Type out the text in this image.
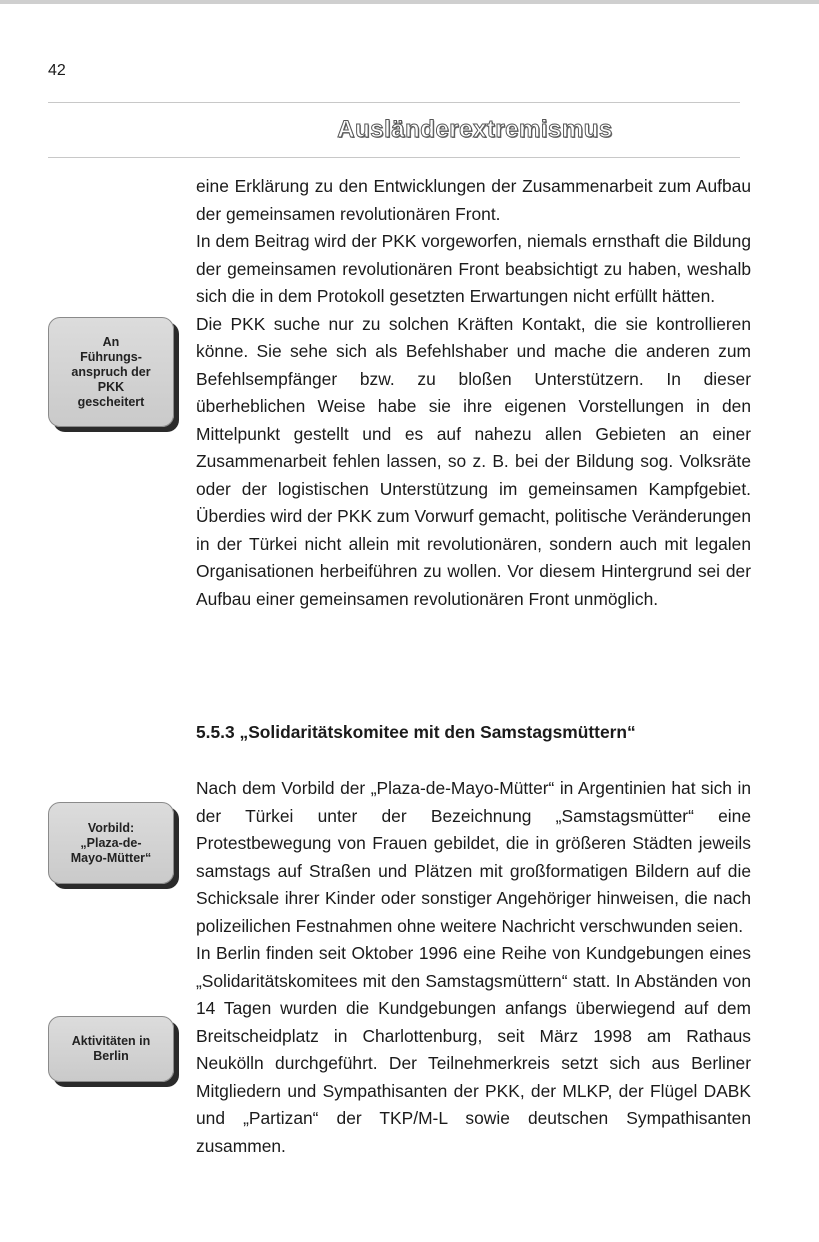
42
Ausländerextremismus
An
Führungs-
anspruch der
PKK
gescheitert

eine Erklärung zu den Entwicklungen der Zusammenarbeit zum Aufbau der gemeinsamen revolutionären Front.

In dem Beitrag wird der PKK vorgeworfen, niemals ernsthaft die Bildung der gemeinsamen revolutionären Front beabsichtigt zu haben, weshalb sich die in dem Protokoll gesetzten Erwartungen nicht erfüllt hätten.

Die PKK suche nur zu solchen Kräften Kontakt, die sie kontrollieren könne. Sie sehe sich als Befehlshaber und mache die anderen zum Befehlsempfänger bzw. zu bloßen Unterstützern. In dieser überheblichen Weise habe sie ihre eigenen Vorstellungen in den Mittelpunkt gestellt und es auf nahezu allen Gebieten an einer Zusammenarbeit fehlen lassen, so z. B. bei der Bildung sog. Volksräte oder der logistischen Unterstützung im gemeinsamen Kampfgebiet. Überdies wird der PKK zum Vorwurf gemacht, politische Veränderungen in der Türkei nicht allein mit revolutionären, sondern auch mit legalen Organisationen herbeiführen zu wollen. Vor diesem Hintergrund sei der Aufbau einer gemeinsamen revolutionären Front unmöglich.

5.5.3 „Solidaritätskomitee mit den Samstagsmüttern“
Vorbild:
„Plaza-de-
Mayo-Mütter“
Aktivitäten in
Berlin

Nach dem Vorbild der „Plaza-de-Mayo-Mütter“ in Argentinien hat sich in der Türkei unter der Bezeichnung „Samstagsmütter“ eine Protestbewegung von Frauen gebildet, die in größeren Städten jeweils samstags auf Straßen und Plätzen mit großformatigen Bildern auf die Schicksale ihrer Kinder oder sonstiger Angehöriger hinweisen, die nach polizeilichen Festnahmen ohne weitere Nachricht verschwunden seien.

In Berlin finden seit Oktober 1996 eine Reihe von Kundgebungen eines „Solidaritätskomitees mit den Samstagsmüttern“ statt. In Abständen von 14 Tagen wurden die Kundgebungen anfangs überwiegend auf dem Breitscheidplatz in Charlottenburg, seit März 1998 am Rathaus Neukölln durchgeführt. Der Teilnehmerkreis setzt sich aus Berliner Mitgliedern und Sympathisanten der PKK, der MLKP, der Flügel DABK und „Partizan“ der TKP/M-L sowie deutschen Sympathisanten zusammen.
